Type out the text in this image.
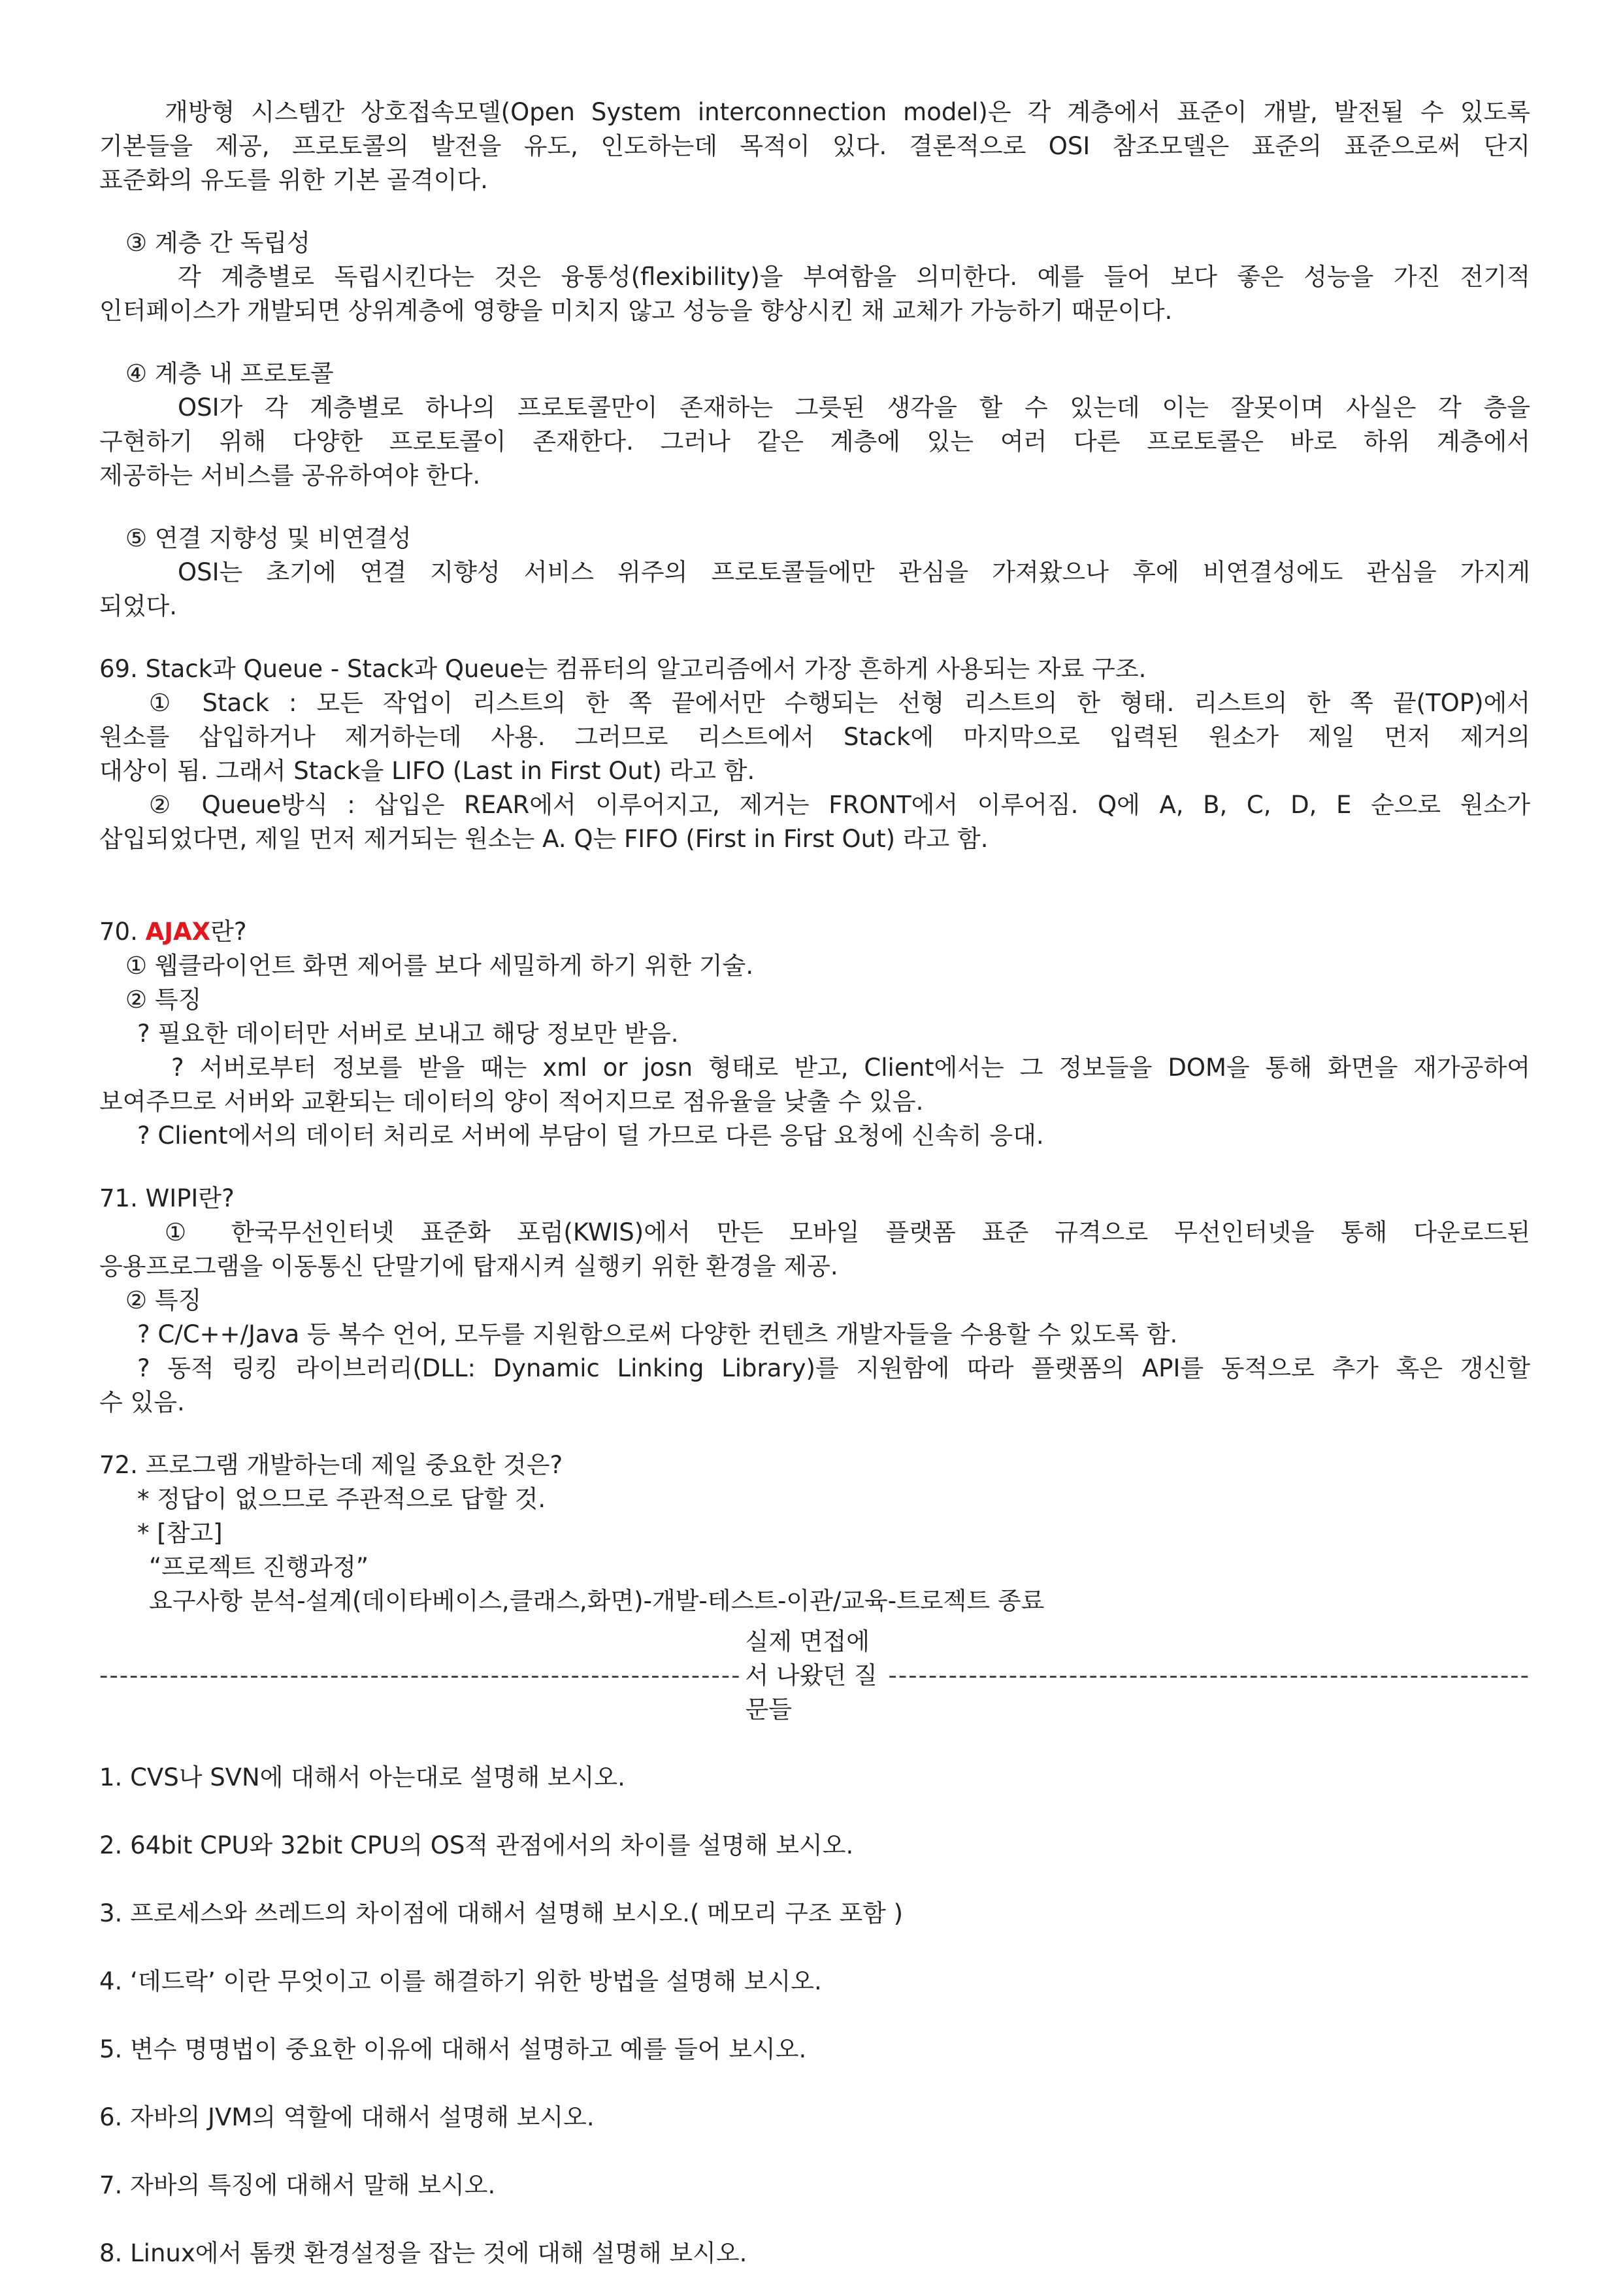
개방형 시스템간 상호접속모델(Open System interconnection model)은 각 계층에서 표준이 개발, 발전될 수 있도록
기본들을 제공, 프로토콜의 발전을 유도, 인도하는데 목적이 있다. 결론적으로 OSI 참조모델은 표준의 표준으로써 단지
표준화의 유도를 위한 기본 골격이다.
③ 계층 간 독립성
각 계층별로 독립시킨다는 것은 융통성(flexibility)을 부여함을 의미한다. 예를 들어 보다 좋은 성능을 가진 전기적
인터페이스가 개발되면 상위계층에 영향을 미치지 않고 성능을 향상시킨 채 교체가 가능하기 때문이다.
④ 계층 내 프로토콜
OSI가 각 계층별로 하나의 프로토콜만이 존재하는 그릇된 생각을 할 수 있는데 이는 잘못이며 사실은 각 층을
구현하기 위해 다양한 프로토콜이 존재한다. 그러나 같은 계층에 있는 여러 다른 프로토콜은 바로 하위 계층에서
제공하는 서비스를 공유하여야 한다.
⑤ 연결 지향성 및 비연결성
OSI는 초기에 연결 지향성 서비스 위주의 프로토콜들에만 관심을 가져왔으나 후에 비연결성에도 관심을 가지게
되었다.
69. Stack과 Queue - Stack과 Queue는 컴퓨터의 알고리즘에서 가장 흔하게 사용되는 자료 구조.
① Stack : 모든 작업이 리스트의 한 쪽 끝에서만 수행되는 선형 리스트의 한 형태. 리스트의 한 쪽 끝(TOP)에서
원소를 삽입하거나 제거하는데 사용. 그러므로 리스트에서 Stack에 마지막으로 입력된 원소가 제일 먼저 제거의
대상이 됨. 그래서 Stack을 LIFO (Last in First Out) 라고 함.
② Queue방식 : 삽입은 REAR에서 이루어지고, 제거는 FRONT에서 이루어짐. Q에 A, B, C, D, E 순으로 원소가
삽입되었다면, 제일 먼저 제거되는 원소는 A. Q는 FIFO (First in First Out) 라고 함.
70. AJAX란?
① 웹클라이언트 화면 제어를 보다 세밀하게 하기 위한 기술.
② 특징
? 필요한 데이터만 서버로 보내고 해당 정보만 받음.
? 서버로부터 정보를 받을 때는 xml or josn 형태로 받고, Client에서는 그 정보들을 DOM을 통해 화면을 재가공하여
보여주므로 서버와 교환되는 데이터의 양이 적어지므로 점유율을 낮출 수 있음.
? Client에서의 데이터 처리로 서버에 부담이 덜 가므로 다른 응답 요청에 신속히 응대.
71. WIPI란?
① 한국무선인터넷 표준화 포럼(KWIS)에서 만든 모바일 플랫폼 표준 규격으로 무선인터넷을 통해 다운로드된
응용프로그램을 이동통신 단말기에 탑재시켜 실행키 위한 환경을 제공.
② 특징
? C/C++/Java 등 복수 언어, 모두를 지원함으로써 다양한 컨텐츠 개발자들을 수용할 수 있도록 함.
? 동적 링킹 라이브러리(DLL: Dynamic Linking Library)를 지원함에 따라 플랫폼의 API를 동적으로 추가 혹은 갱신할
수 있음.
72. 프로그램 개발하는데 제일 중요한 것은?
* 정답이 없으므로 주관적으로 답할 것.
* [참고]
“프로젝트 진행과정”
요구사항 분석-설계(데이타베이스,클래스,화면)-개발-테스트-이관/교육-트로젝트 종료
----------------------------------------------------------------
실제 면접에서 나왔던 질문들
----------------------------------------------------------------
1. CVS나 SVN에 대해서 아는대로 설명해 보시오.
2. 64bit CPU와 32bit CPU의 OS적 관점에서의 차이를 설명해 보시오.
3. 프로세스와 쓰레드의 차이점에 대해서 설명해 보시오.( 메모리 구조 포함 )
4. ‘데드락’ 이란 무엇이고 이를 해결하기 위한 방법을 설명해 보시오.
5. 변수 명명법이 중요한 이유에 대해서 설명하고 예를 들어 보시오.
6. 자바의 JVM의 역할에 대해서 설명해 보시오.
7. 자바의 특징에 대해서 말해 보시오.
8. Linux에서 톰캣 환경설정을 잡는 것에 대해 설명해 보시오.
